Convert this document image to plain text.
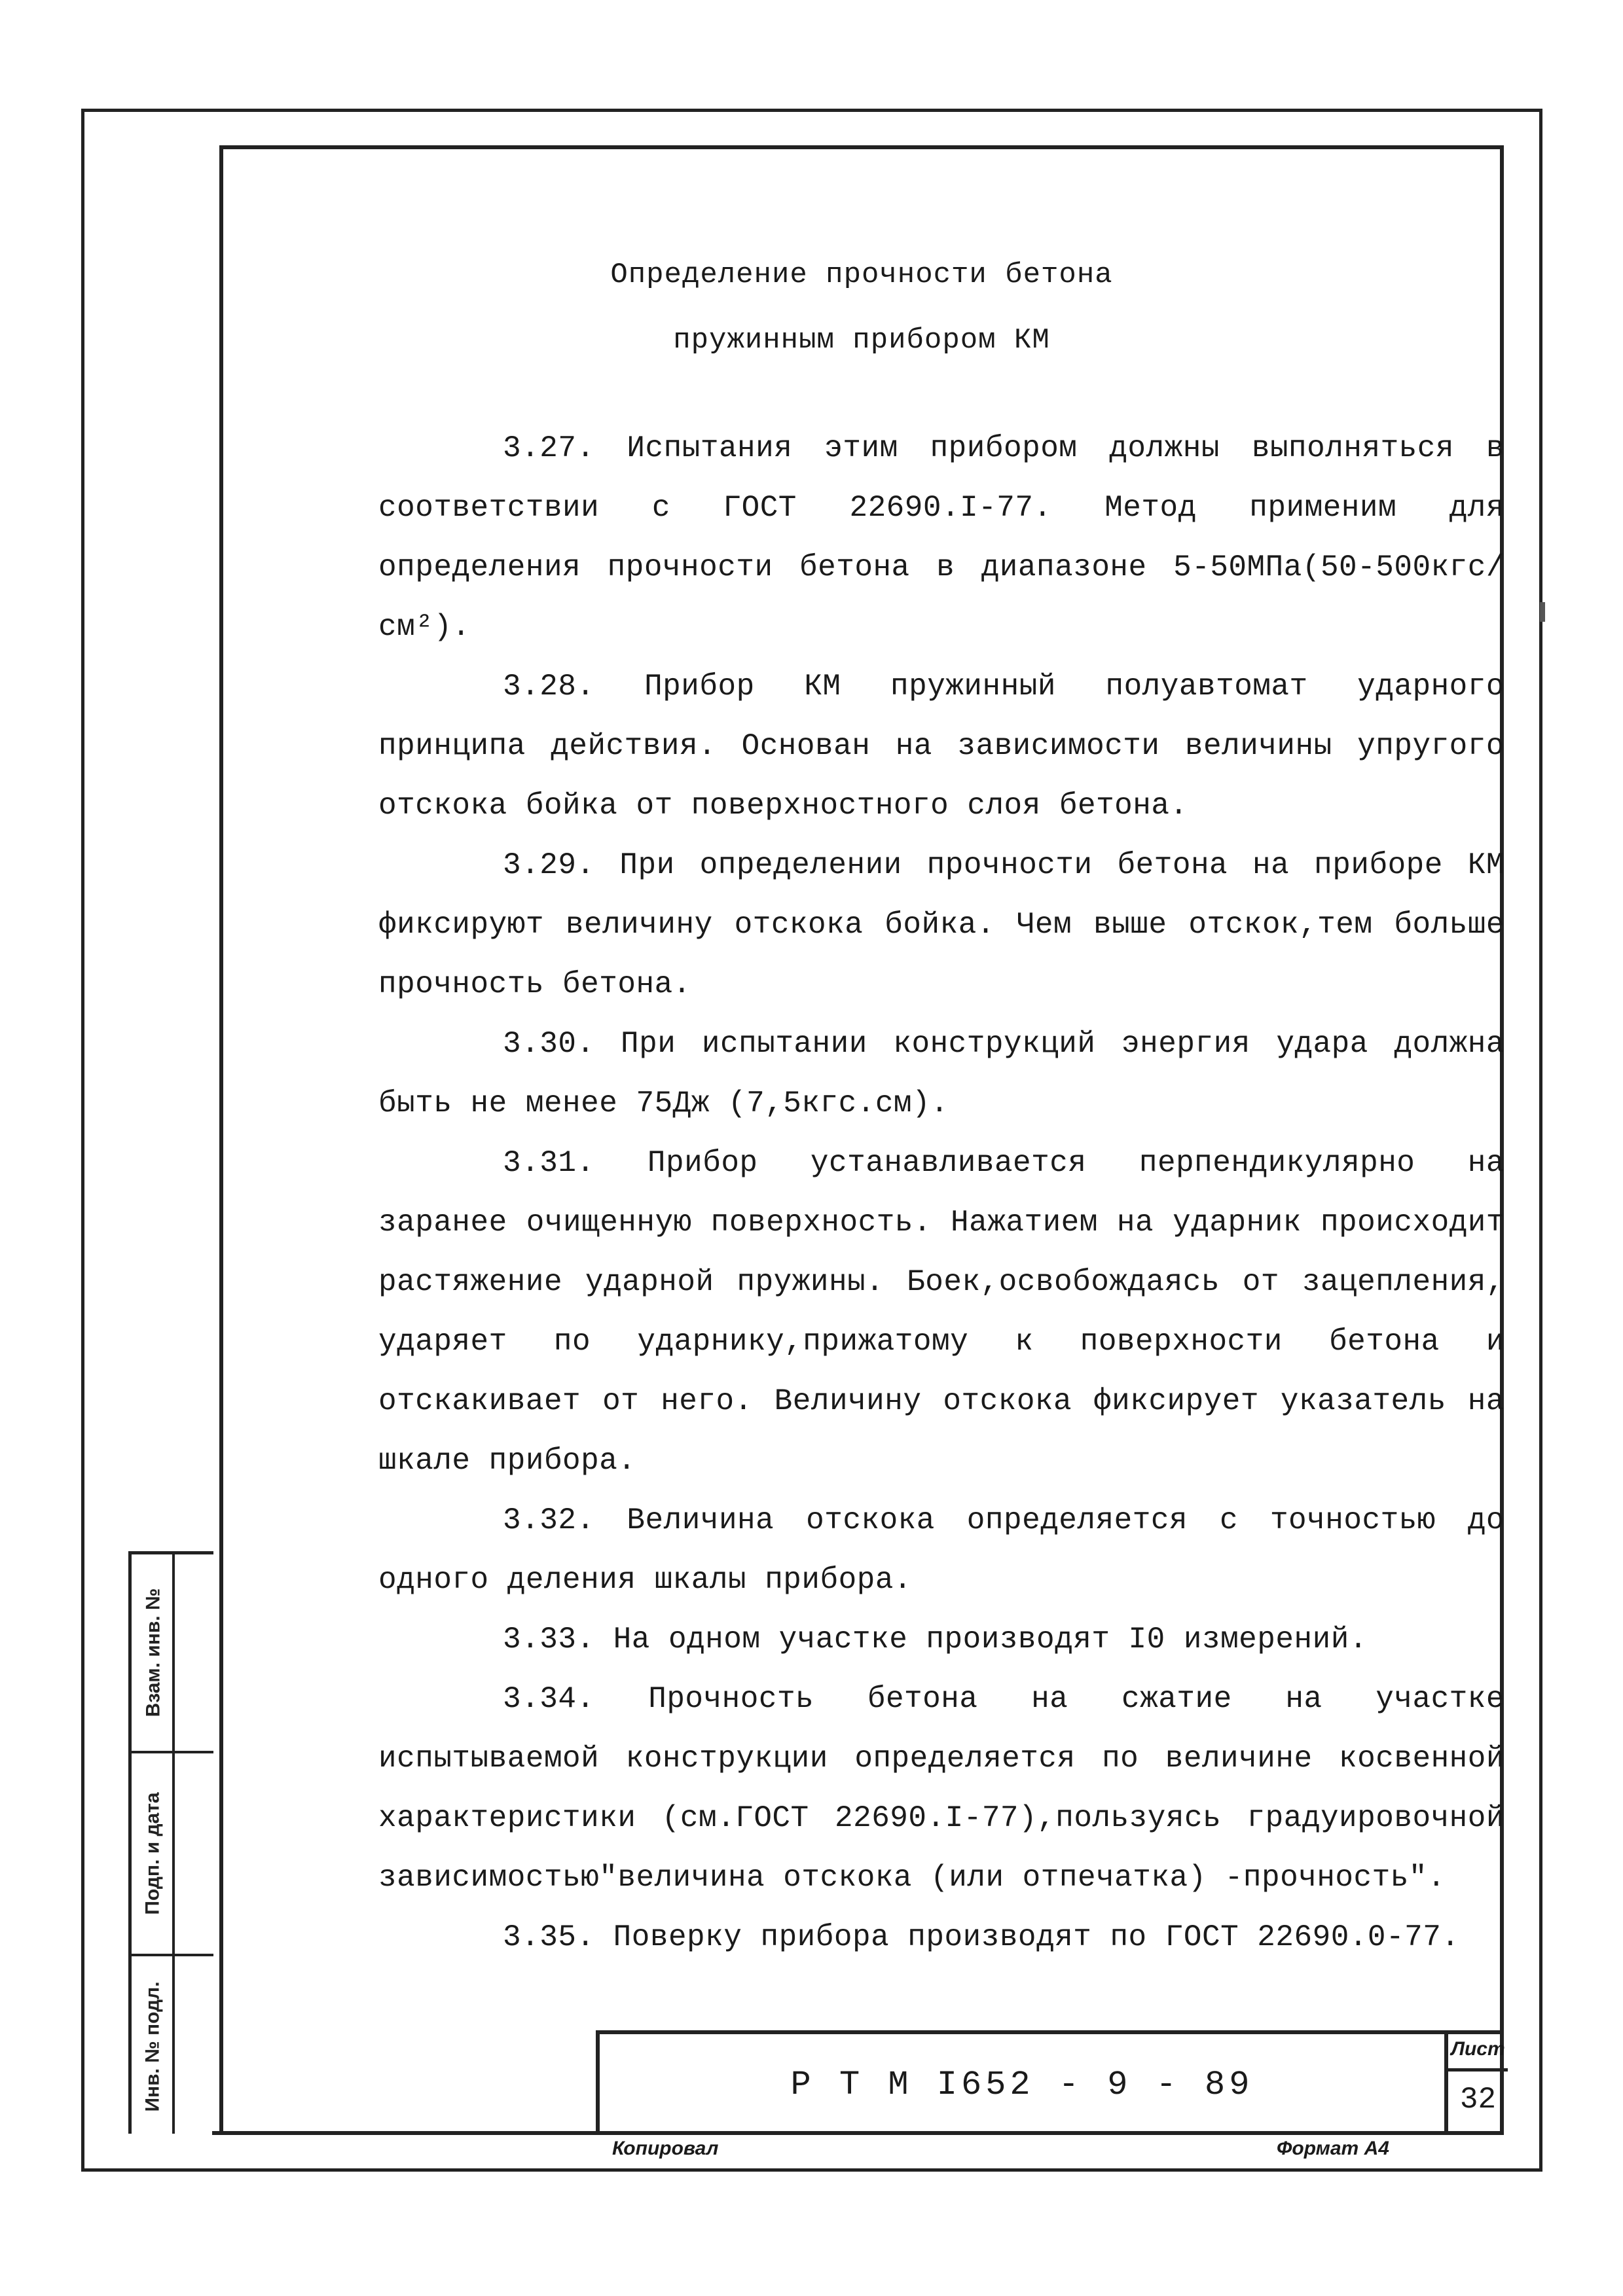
Взам. инв. №
Подп. и дата
Инв. № подл.
Определение прочности бетона
пружинным прибором КМ

3.27. Испытания этим прибором должны выполняться в соответствии с ГОСТ 22690.I-77. Метод применим для определения прочности бетона в диапазоне 5-50МПа(50-500кгс/см²).

3.28. Прибор КМ пружинный полуавтомат ударного принципа действия. Основан на зависимости величины упругого отскока бойка от поверхностного слоя бетона.

3.29. При определении прочности бетона на приборе КМ фиксируют величину отскока бойка. Чем выше отскок,тем больше прочность бетона.

3.30. При испытании конструкций энергия удара должна быть не менее 75Дж (7,5кгс.см).

3.31. Прибор устанавливается перпендикулярно на заранее очищенную поверхность. Нажатием на ударник происходит растяжение ударной пружины. Боек,освобождаясь от зацепления, ударяет по ударнику,прижатому к поверхности бетона и отскакивает от него. Величину отскока фиксирует указатель на шкале прибора.

3.32. Величина отскока определяется с точностью до одного деления шкалы прибора.

3.33. На одном участке производят I0 измерений.

3.34. Прочность бетона на сжатие на участке испытываемой конструкции определяется по величине косвенной характеристики (см.ГОСТ 22690.I-77),пользуясь градуировочной зависимостью"величина отскока (или отпечатка) -прочность".

3.35. Поверку прибора производят по ГОСТ 22690.0-77.

Р Т М I652 - 9 - 89
Лист
32
Копировал	Формат А4
